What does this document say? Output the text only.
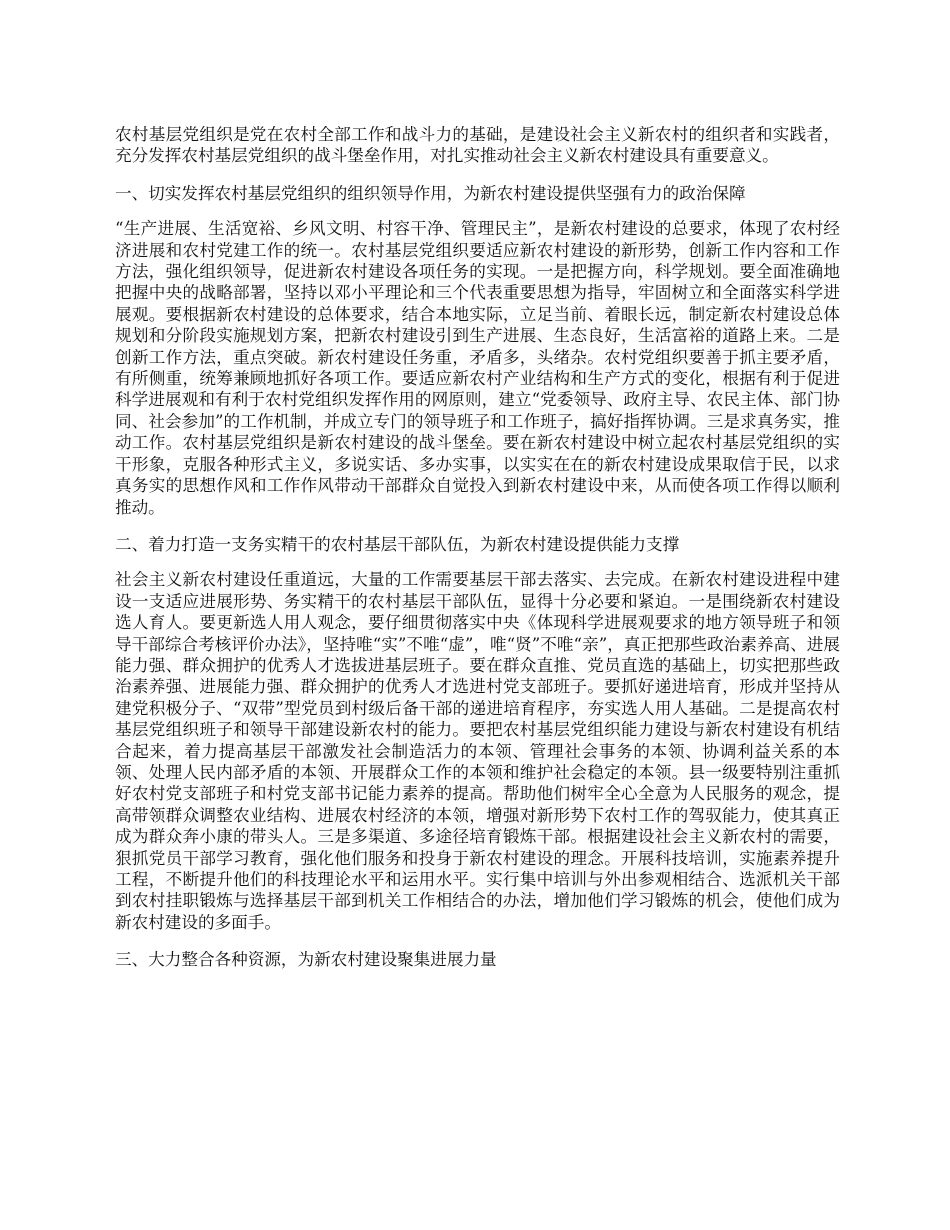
农村基层党组织是党在农村全部工作和战斗力的基础，是建设社会主义新农村的组织者和实践者，充分发挥农村基层党组织的战斗堡垒作用，对扎实推动社会主义新农村建设具有重要意义。

一、切实发挥农村基层党组织的组织领导作用，为新农村建设提供坚强有力的政治保障

“生产进展、生活宽裕、乡风文明、村容干净、管理民主”，是新农村建设的总要求，体现了农村经济进展和农村党建工作的统一。农村基层党组织要适应新农村建设的新形势，创新工作内容和工作方法，强化组织领导，促进新农村建设各项任务的实现。一是把握方向，科学规划。要全面准确地把握中央的战略部署，坚持以邓小平理论和三个代表重要思想为指导，牢固树立和全面落实科学进展观。要根据新农村建设的总体要求，结合本地实际，立足当前、着眼长远，制定新农村建设总体规划和分阶段实施规划方案，把新农村建设引到生产进展、生态良好，生活富裕的道路上来。二是创新工作方法，重点突破。新农村建设任务重，矛盾多，头绪杂。农村党组织要善于抓主要矛盾，有所侧重，统筹兼顾地抓好各项工作。要适应新农村产业结构和生产方式的变化，根据有利于促进科学进展观和有利于农村党组织发挥作用的网原则，建立“党委领导、政府主导、农民主体、部门协同、社会参加”的工作机制，并成立专门的领导班子和工作班子，搞好指挥协调。三是求真务实，推动工作。农村基层党组织是新农村建设的战斗堡垒。要在新农村建设中树立起农村基层党组织的实干形象，克服各种形式主义，多说实话、多办实事，以实实在在的新农村建设成果取信于民，以求真务实的思想作风和工作作风带动干部群众自觉投入到新农村建设中来，从而使各项工作得以顺利推动。

二、着力打造一支务实精干的农村基层干部队伍，为新农村建设提供能力支撑

社会主义新农村建设任重道远，大量的工作需要基层干部去落实、去完成。在新农村建设进程中建设一支适应进展形势、务实精干的农村基层干部队伍，显得十分必要和紧迫。一是围绕新农村建设选人育人。要更新选人用人观念，要仔细贯彻落实中央《体现科学进展观要求的地方领导班子和领导干部综合考核评价办法》，坚持唯“实”不唯“虚”，唯“贤”不唯“亲”，真正把那些政治素养高、进展能力强、群众拥护的优秀人才选拔进基层班子。要在群众直推、党员直选的基础上，切实把那些政治素养强、进展能力强、群众拥护的优秀人才选进村党支部班子。要抓好递进培育，形成并坚持从建党积极分子、“双带”型党员到村级后备干部的递进培育程序，夯实选人用人基础。二是提高农村基层党组织班子和领导干部建设新农村的能力。要把农村基层党组织能力建设与新农村建设有机结合起来，着力提高基层干部激发社会制造活力的本领、管理社会事务的本领、协调利益关系的本领、处理人民内部矛盾的本领、开展群众工作的本领和维护社会稳定的本领。县一级要特别注重抓好农村党支部班子和村党支部书记能力素养的提高。帮助他们树牢全心全意为人民服务的观念，提高带领群众调整农业结构、进展农村经济的本领，增强对新形势下农村工作的驾驭能力，使其真正成为群众奔小康的带头人。三是多渠道、多途径培育锻炼干部。根据建设社会主义新农村的需要，狠抓党员干部学习教育，强化他们服务和投身于新农村建设的理念。开展科技培训，实施素养提升工程，不断提升他们的科技理论水平和运用水平。实行集中培训与外出参观相结合、选派机关干部到农村挂职锻炼与选择基层干部到机关工作相结合的办法，增加他们学习锻炼的机会，使他们成为新农村建设的多面手。

三、大力整合各种资源，为新农村建设聚集进展力量
